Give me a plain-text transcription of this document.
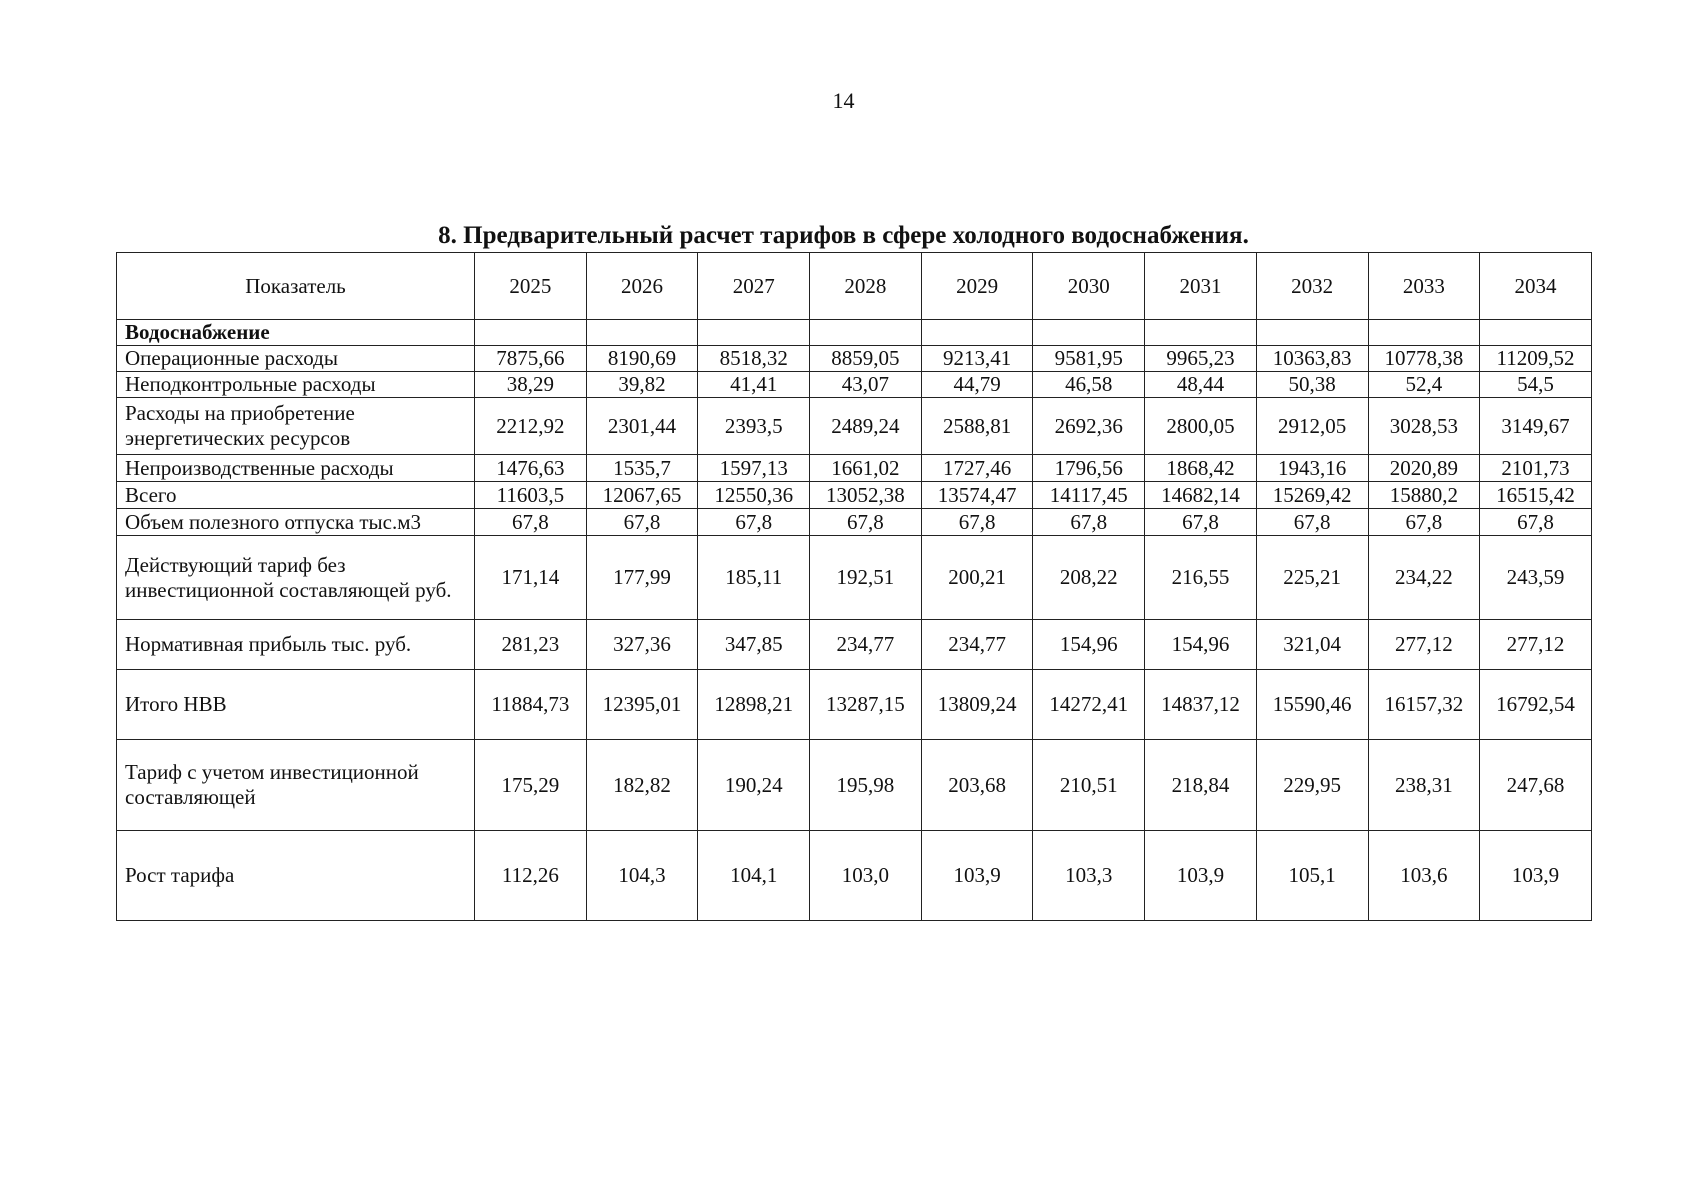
14
8. Предварительный расчет тарифов в сфере холодного водоснабжения.
Показатель	2025	2026	2027	2028	2029	2030	2031	2032	2033	2034
Водоснабжение										
Операционные расходы	7875,66	8190,69	8518,32	8859,05	9213,41	9581,95	9965,23	10363,83	10778,38	11209,52
Неподконтрольные расходы	38,29	39,82	41,41	43,07	44,79	46,58	48,44	50,38	52,4	54,5
Расходы на приобретение энергетических ресурсов	2212,92	2301,44	2393,5	2489,24	2588,81	2692,36	2800,05	2912,05	3028,53	3149,67
Непроизводственные расходы	1476,63	1535,7	1597,13	1661,02	1727,46	1796,56	1868,42	1943,16	2020,89	2101,73
Всего	11603,5	12067,65	12550,36	13052,38	13574,47	14117,45	14682,14	15269,42	15880,2	16515,42
Объем полезного отпуска тыс.м3	67,8	67,8	67,8	67,8	67,8	67,8	67,8	67,8	67,8	67,8
Действующий тариф без инвестиционной составляющей руб.	171,14	177,99	185,11	192,51	200,21	208,22	216,55	225,21	234,22	243,59
Нормативная прибыль тыс. руб.	281,23	327,36	347,85	234,77	234,77	154,96	154,96	321,04	277,12	277,12
Итого НВВ	11884,73	12395,01	12898,21	13287,15	13809,24	14272,41	14837,12	15590,46	16157,32	16792,54
Тариф с учетом инвестиционной составляющей	175,29	182,82	190,24	195,98	203,68	210,51	218,84	229,95	238,31	247,68
Рост тарифа	112,26	104,3	104,1	103,0	103,9	103,3	103,9	105,1	103,6	103,9
